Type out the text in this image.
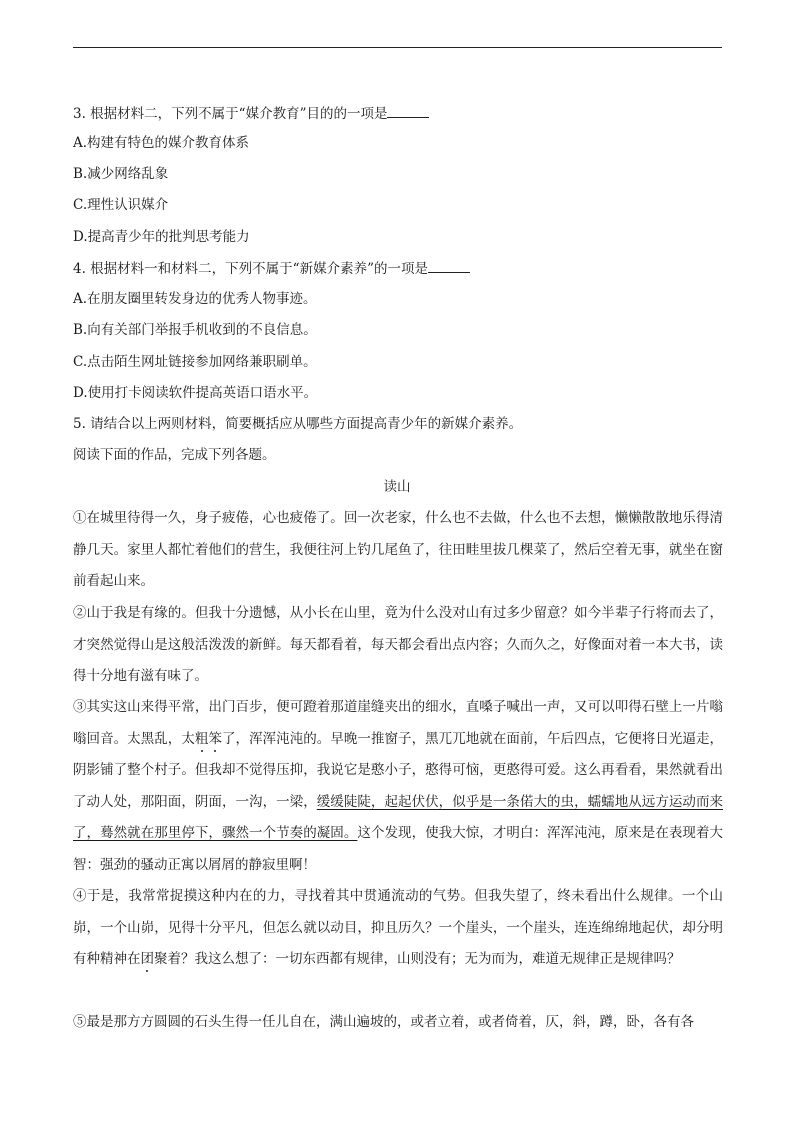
3. 根据材料二，下列不属于“媒介教育”目的的一项是
A.构建有特色的媒介教育体系
B.减少网络乱象
C.理性认识媒介
D.提高青少年的批判思考能力
4. 根据材料一和材料二，下列不属于“新媒介素养”的一项是
A.在朋友圈里转发身边的优秀人物事迹。
B.向有关部门举报手机收到的不良信息。
C.点击陌生网址链接参加网络兼职刷单。
D.使用打卡阅读软件提高英语口语水平。
5. 请结合以上两则材料，简要概括应从哪些方面提高青少年的新媒介素养。
阅读下面的作品，完成下列各题。
读山
①在城里待得一久，身子疲倦，心也疲倦了。回一次老家，什么也不去做，什么也不去想，懒懒散散地乐得清静几天。家里人都忙着他们的营生，我便往河上钓几尾鱼了，往田畦里拔几棵菜了，然后空着无事，就坐在窗前看起山来。
②山于我是有缘的。但我十分遗憾，从小长在山里，竟为什么没对山有过多少留意？如今半辈子行将而去了，才突然觉得山是这般活泼泼的新鲜。每天都看着，每天都会看出点内容；久而久之，好像面对着一本大书，读得十分地有滋有味了。
③其实这山来得平常，出门百步，便可蹬着那道崖缝夹出的细水，直嗓子喊出一声，又可以叩得石壁上一片嗡嗡回音。太黑乱，太粗笨了，浑浑沌沌的。早晚一推窗子，黑兀兀地就在面前，午后四点，它便将日光逼走，阴影铺了整个村子。但我却不觉得压抑，我说它是憨小子，憨得可恼，更憨得可爱。这么再看看，果然就看出了动人处，那阳面，阴面，一沟，一梁，缓缓陡陡，起起伏伏，似乎是一条偌大的虫，蠕蠕地从远方运动而来了，蓦然就在那里停下，骤然一个节奏的凝固。这个发现，使我大惊，才明白：浑浑沌沌，原来是在表现着大智：强劲的骚动正寓以屑屑的静寂里啊！
④于是，我常常捉摸这种内在的力，寻找着其中贯通流动的气势。但我失望了，终未看出什么规律。一个山峁，一个山峁，见得十分平凡，但怎么就以动目，抑且历久？一个崖头，一个崖头，连连绵绵地起伏，却分明有种精神在团聚着？我这么想了：一切东西都有规律，山则没有；无为而为，难道无规律正是规律吗？
⑤最是那方方圆圆的石头生得一任儿自在，满山遍坡的，或者立着，或者倚着，仄，斜，蹲，卧，各有各
